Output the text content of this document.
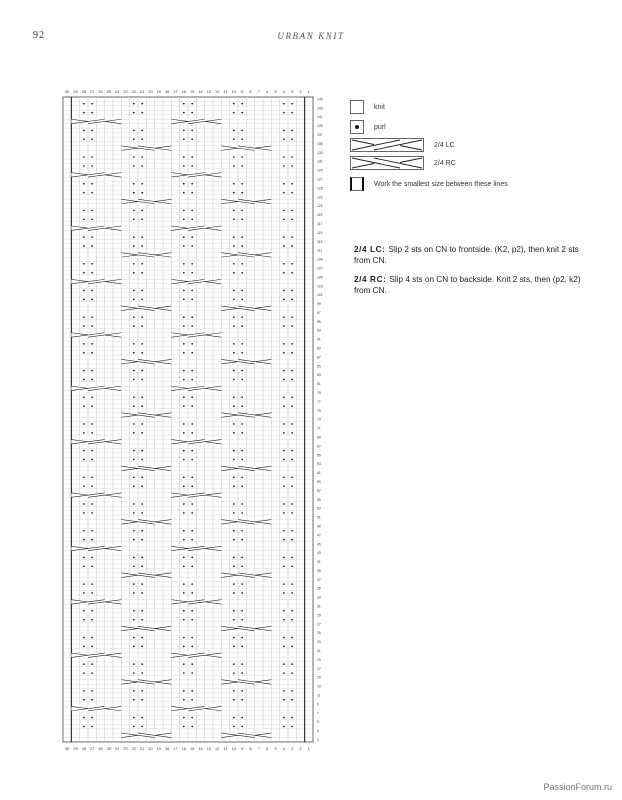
92	URBAN KNIT
30
30
29
29
28
28
27
27
26
26
25
25
24
24
23
23
22
22
21
21
20
20
19
19
18
18
17
17
16
16
15
15
14
14
13
13
12
12
11
11
10
10
9
9
8
8
7
7
6
6
5
5
4
4
3
3
2
2
1
1
145
143
141
139
137
135
133
131
129
127
125
123
121
119
117
115
113
111
109
107
105
103
101
99
97
95
93
91
89
87
85
83
81
79
77
75
73
71
69
67
65
63
61
59
57
55
53
51
49
47
45
43
41
39
37
35
33
31
29
27
25
23
21
19
17
15
13
11
9
7
5
3
1
knit
purl
2/4 LC
2/4 RC
Work the smallest size between these lines

2/4 LC: Slip 2 sts on CN to frontside. (K2, p2), then knit 2 sts from CN.

2/4 RC: Slip 4 sts on CN to backside. Knit 2 sts, then (p2, k2) from CN.

PassionForum.ru
